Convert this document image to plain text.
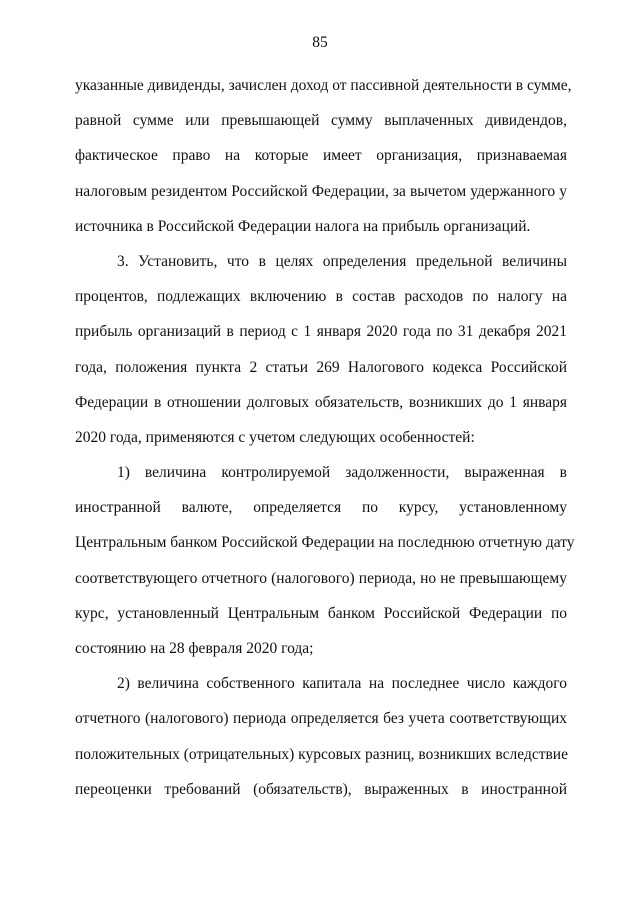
85
указанные дивиденды, зачислен доход от пассивной деятельности в сумме,
равной сумме или превышающей сумму выплаченных дивидендов,
фактическое право на которые имеет организация, признаваемая
налоговым резидентом Российской Федерации, за вычетом удержанного у
источника в Российской Федерации налога на прибыль организаций.
3. Установить, что в целях определения предельной величины
процентов, подлежащих включению в состав расходов по налогу на
прибыль организаций в период с 1 января 2020 года по 31 декабря 2021
года, положения пункта 2 статьи 269 Налогового кодекса Российской
Федерации в отношении долговых обязательств, возникших до 1 января
2020 года, применяются с учетом следующих особенностей:
1) величина контролируемой задолженности, выраженная в
иностранной валюте, определяется по курсу, установленному
Центральным банком Российской Федерации на последнюю отчетную дату
соответствующего отчетного (налогового) периода, но не превышающему
курс, установленный Центральным банком Российской Федерации по
состоянию на 28 февраля 2020 года;
2) величина собственного капитала на последнее число каждого
отчетного (налогового) периода определяется без учета соответствующих
положительных (отрицательных) курсовых разниц, возникших вследствие
переоценки требований (обязательств), выраженных в иностранной
